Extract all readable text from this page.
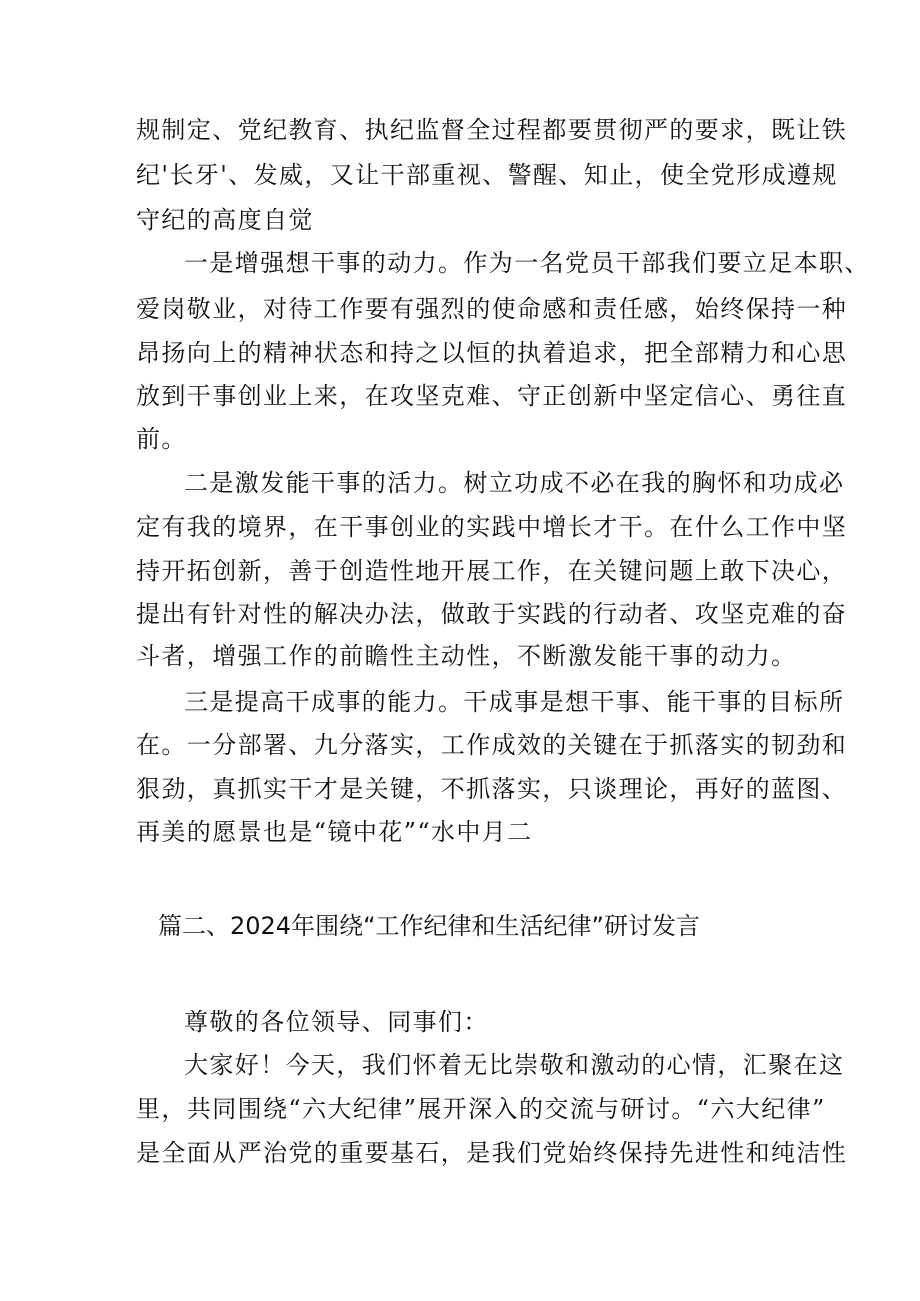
规制定、党纪教育、执纪监督全过程都要贯彻严的要求，既让铁
纪'长牙'、发威，又让干部重视、警醒、知止，使全党形成遵规
守纪的高度自觉
一是增强想干事的动力。作为一名党员干部我们要立足本职、
爱岗敬业，对待工作要有强烈的使命感和责任感，始终保持一种
昂扬向上的精神状态和持之以恒的执着追求，把全部精力和心思
放到干事创业上来，在攻坚克难、守正创新中坚定信心、勇往直
前。
二是激发能干事的活力。树立功成不必在我的胸怀和功成必
定有我的境界，在干事创业的实践中增长才干。在什么工作中坚
持开拓创新，善于创造性地开展工作，在关键问题上敢下决心，
提出有针对性的解决办法，做敢于实践的行动者、攻坚克难的奋
斗者，增强工作的前瞻性主动性，不断激发能干事的动力。
三是提高干成事的能力。干成事是想干事、能干事的目标所
在。一分部署、九分落实，工作成效的关键在于抓落实的韧劲和
狠劲，真抓实干才是关键，不抓落实，只谈理论，再好的蓝图、
再美的愿景也是“镜中花”“水中月二
篇二、2024年围绕“工作纪律和生活纪律”研讨发言
尊敬的各位领导、同事们：
大家好！今天，我们怀着无比崇敬和激动的心情，汇聚在这
里，共同围绕“六大纪律”展开深入的交流与研讨。“六大纪律”
是全面从严治党的重要基石，是我们党始终保持先进性和纯洁性
